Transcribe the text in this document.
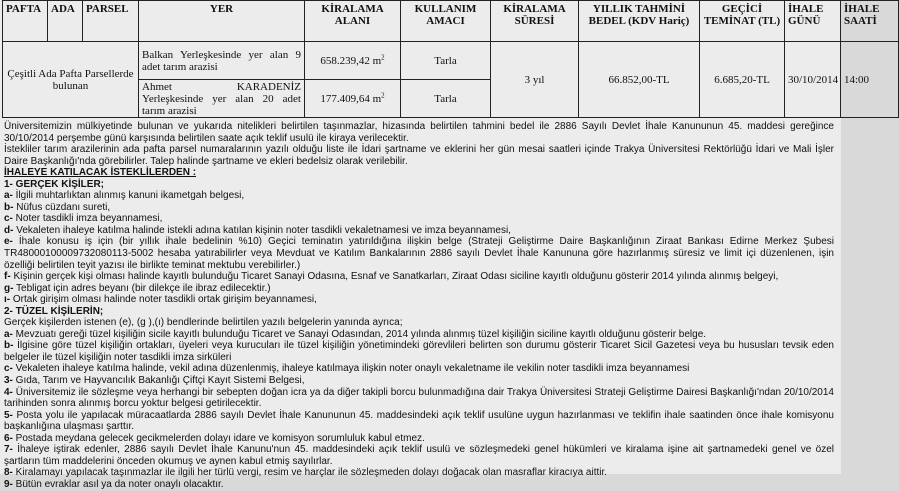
PAFTA	ADA	PARSEL	YER	KİRALAMA ALANI	KULLANIM AMACI	KİRALAMA SÜRESİ	YILLIK TAHMİNİ BEDEL (KDV Hariç)	GEÇİCİ TEMİNAT (TL)	İHALE GÜNÜ	İHALE SAATİ
Çeşitli Ada Pafta Parsellerde bulunan			Balkan Yerleşkesinde yer alan 9 adet tarım arazisi	658.239,42 $m^2$	Tarla	3 yıl	66.852,00-TL	6.685,20-TL	30/10/2014	14:00
			Ahmet KARADENİZ Yerleşkesinde yer alan 20 adet tarım arazisi	177.409,64 $m^2$	Tarla					

Üniversitemizin mülkiyetinde bulunan ve yukarıda nitelikleri belirtilen taşınmazlar, hizasında belirtilen tahmini bedel ile 2886 Sayılı Devlet İhale Kanununun 45. maddesi gereğince 30/10/2014 perşembe günü karşısında belirtilen saate açık teklif usulü ile kiraya verilecektir.

İstekliler tarım arazilerinin ada pafta parsel numaralarının yazılı olduğu liste ile İdari şartname ve eklerini her gün mesai saatleri içinde Trakya Üniversitesi Rektörlüğü İdari ve Mali İşler Daire Başkanlığı'nda görebilirler. Talep halinde şartname ve ekleri bedelsiz olarak verilebilir.

İHALEYE KATILACAK İSTEKLİLERDEN :

1- GERÇEK KİŞİLER;

a- İlgili muhtarlıktan alınmış kanuni ikametgah belgesi,

b- Nüfus cüzdanı sureti,

c- Noter tasdikli imza beyannamesi,

d- Vekaleten ihaleye katılma halinde istekli adına katılan kişinin noter tasdikli vekaletnamesi ve imza beyannamesi,

e- İhale konusu iş için (bir yıllık ihale bedelinin %10) Geçici teminatın yatırıldığına ilişkin belge (Strateji Geliştirme Daire Başkanlığının Ziraat Bankası Edirne Merkez Şubesi TR480001000097320801​13-5002 hesaba yatırabilirler veya Mevduat ve Katılım Bankalarının 2886 sayılı Devlet İhale Kanununa göre hazırlanmış süresiz ve limit içi düzenlenen, işin özelliği belirtilen teyit yazısı ile birlikte teminat mektubu verebilirler.)

f- Kişinin gerçek kişi olması halinde kayıtlı bulunduğu Ticaret Sanayi Odasına, Esnaf ve Sanatkarları, Ziraat Odası siciline kayıtlı olduğunu gösterir 2014 yılında alınmış belgeyi,

g- Tebligat için adres beyanı (bir dilekçe ile ibraz edilecektir.)

ı- Ortak girişim olması halinde noter tasdikli ortak girişim beyannamesi,

2- TÜZEL KİŞİLERİN;

Gerçek kişilerden istenen (e), (g ),(ı) bendlerinde belirtilen yazılı belgelerin yanında ayrıca;

a- Mevzuatı gereği tüzel kişiliğin sicile kayıtlı bulunduğu Ticaret ve Sanayi Odasından, 2014 yılında alınmış tüzel kişiliğin siciline kayıtlı olduğunu gösterir belge.

b- İlgisine göre tüzel kişiliğin ortakları, üyeleri veya kurucuları ile tüzel kişiliğin yönetimindeki görevlileri belirten son durumu gösterir Ticaret Sicil Gazetesi veya bu hususları tevsik eden belgeler ile tüzel kişiliğin noter tasdikli imza sirküleri

c- Vekaleten ihaleye katılma halinde, vekil adına düzenlenmiş, ihaleye katılmaya ilişkin noter onaylı vekaletname ile vekilin noter tasdikli imza beyannamesi

3- Gıda, Tarım ve Hayvancılık Bakanlığı Çiftçi Kayıt Sistemi Belgesi,

4- Üniversitemiz ile sözleşme veya herhangi bir sebepten doğan icra ya da diğer takipli borcu bulunmadığına dair Trakya Üniversitesi Strateji Geliştirme Dairesi Başkanlığı'ndan 20/10/2014 tarihinden sonra alınmış borcu yoktur belgesi getirilecektir.

5- Posta yolu ile yapılacak müracaatlarda 2886 sayılı Devlet İhale Kanununun 45. maddesindeki açık teklif usulüne uygun hazırlanması ve teklifin ihale saatinden önce ihale komisyonu başkanlığına ulaşması şarttır.

6- Postada meydana gelecek gecikmelerden dolayı idare ve komisyon sorumluluk kabul etmez.

7- İhaleye iştirak edenler, 2886 sayılı Devlet İhale Kanunu'nun 45. maddesindeki açık teklif usulü ve sözleşmedeki genel hükümleri ve kiralama işine ait şartnamedeki genel ve özel şartların tüm maddelerini önceden okumuş ve aynen kabul etmiş sayılırlar.

8- Kiralamayı yapılacak taşınmazlar ile ilgili her türlü vergi, resim ve harçlar ile sözleşmeden dolayı doğacak olan masraflar kiracıya aittir.

9- Bütün evraklar asıl ya da noter onaylı olacaktır.
